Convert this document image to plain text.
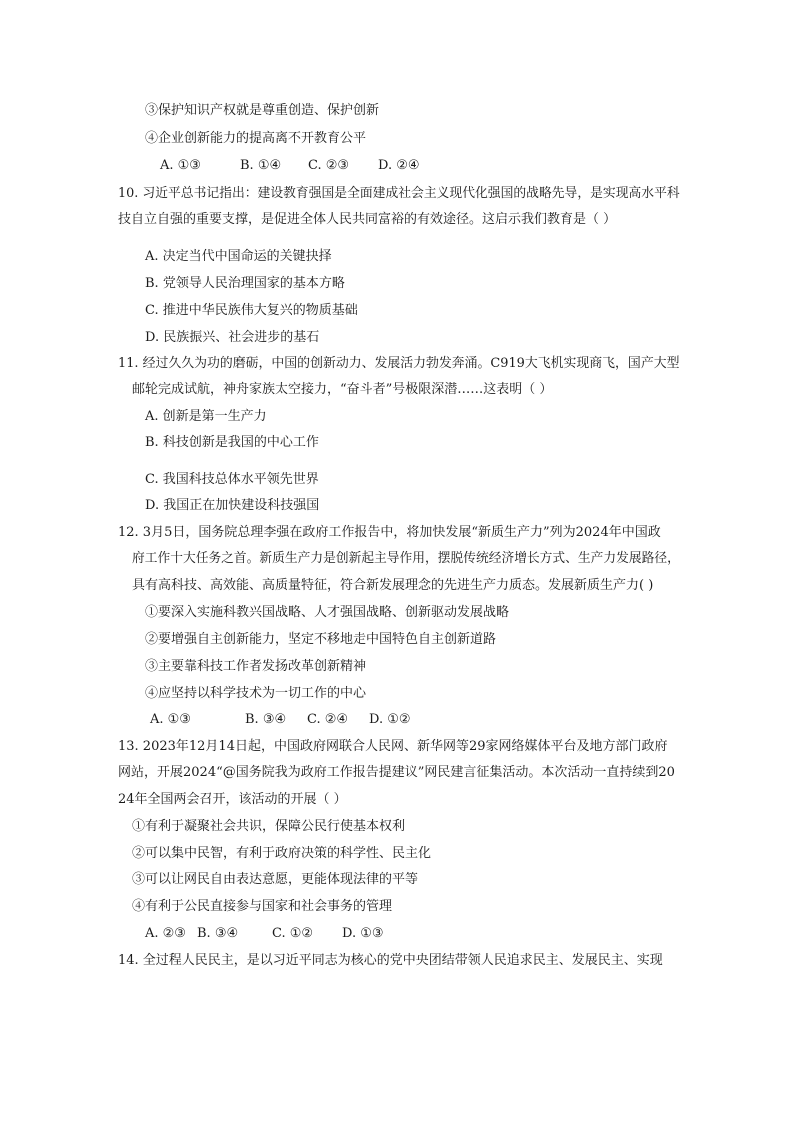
③保护知识产权就是尊重创造、保护创新
④企业创新能力的提高离不开教育公平
A. ①③	B. ①④ C. ②③ D. ②④
10. 习近平总书记指出：建设教育强国是全面建成社会主义现代化强国的战略先导，是实现高水平科
技自立自强的重要支撑，是促进全体人民共同富裕的有效途径。这启示我们教育是（ ）
A. 决定当代中国命运的关键抉择
B. 党领导人民治理国家的基本方略
C. 推进中华民族伟大复兴的物质基础
D. 民族振兴、社会进步的基石
11. 经过久久为功的磨砺，中国的创新动力、发展活力勃发奔涌。C919大飞机实现商飞，国产大型
邮轮完成试航，神舟家族太空接力，“奋斗者”号极限深潜……这表明（ ）
A. 创新是第一生产力
B. 科技创新是我国的中心工作
C. 我国科技总体水平领先世界
D. 我国正在加快建设科技强国
12. 3月5日，国务院总理李强在政府工作报告中，将加快发展“新质生产力”列为2024年中国政
府工作十大任务之首。新质生产力是创新起主导作用，摆脱传统经济增长方式、生产力发展路径，
具有高科技、高效能、高质量特征，符合新发展理念的先进生产力质态。发展新质生产力( )
①要深入实施科教兴国战略、人才强国战略、创新驱动发展战略
②要增强自主创新能力，坚定不移地走中国特色自主创新道路
③主要靠科技工作者发扬改革创新精神
④应坚持以科学技术为一切工作的中心
A. ①③	B. ③④ C. ②④ D. ①②
13. 2023年12月14日起，中国政府网联合人民网、新华网等29家网络媒体平台及地方部门政府
网站，开展2024“@国务院我为政府工作报告提建议”网民建言征集活动。本次活动一直持续到20
24年全国两会召开，该活动的开展（ ）
①有利于凝聚社会共识，保障公民行使基本权利
②可以集中民智，有利于政府决策的科学性、民主化
③可以让网民自由表达意愿，更能体现法律的平等
④有利于公民直接参与国家和社会事务的管理
A. ②③ B. ③④	C. ①② D. ①③
14. 全过程人民民主，是以习近平同志为核心的党中央团结带领人民追求民主、发展民主、实现
